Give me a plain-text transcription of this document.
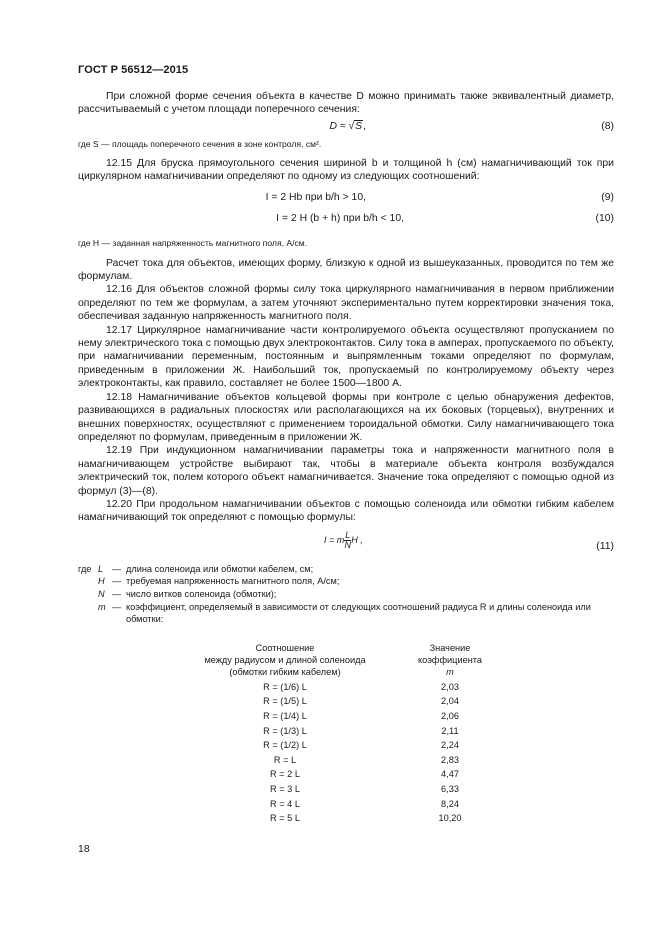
ГОСТ Р 56512—2015

При сложной форме сечения объекта в качестве D можно принимать также эквивалентный диаметр, рассчитываемый с учетом площади поперечного сечения:

D ≈ √S,	(8)

где S — площадь поперечного сечения в зоне контроля, см².

12.15 Для бруска прямоугольного сечения шириной b и толщиной h (см) намагничивающий ток при циркулярном намагничивании определяют по одному из следующих соотношений:

I = 2 Hb при b/h > 10,	(9)
I = 2 H (b + h) при b/h < 10,	(10)

где H — заданная напряженность магнитного поля, А/см.

Расчет тока для объектов, имеющих форму, близкую к одной из вышеуказанных, проводится по тем же формулам.

12.16 Для объектов сложной формы силу тока циркулярного намагничивания в первом приближении определяют по тем же формулам, а затем уточняют экспериментально путем корректировки значения тока, обеспечивая заданную напряженность магнитного поля.

12.17 Циркулярное намагничивание части контролируемого объекта осуществляют пропусканием по нему электрического тока с помощью двух электроконтактов. Силу тока в амперах, пропускаемого по объекту, при намагничивании переменным, постоянным и выпрямленным токами определяют по формулам, приведенным в приложении Ж. Наибольший ток, пропускаемый по контролируемому объекту через электроконтакты, как правило, составляет не более 1500—1800 А.

12.18 Намагничивание объектов кольцевой формы при контроле с целью обнаружения дефектов, развивающихся в радиальных плоскостях или располагающихся на их боковых (торцевых), внутренних и внешних поверхностях, осуществляют с применением тороидальной обмотки. Силу намагничивающего тока определяют по формулам, приведенным в приложении Ж.

12.19 При индукционном намагничивании параметры тока и напряженности магнитного поля в намагничивающем устройстве выбирают так, чтобы в материале объекта контроля возбуждался электрический ток, полем которого объект намагничивается. Значение тока определяют с помощью одной из формул (3)—(8).

12.20 При продольном намагничивании объектов с помощью соленоида или обмотки гибким кабелем намагничивающий ток определяют с помощью формулы:

I = m $\frac{L}{N}$ H ,
(11)
где L — длина соленоида или обмотки кабелем, см;
H — требуемая напряженность магнитного поля, А/см;
N — число витков соленоида (обмотки);
m — коэффициент, определяемый в зависимости от следующих соотношений радиуса R и длины соленоида или обмотки:
Соотношение
между радиусом и длиной соленоида
(обмотки гибким кабелем)
Значение
коэффициента
m
R = (1/6) L	2,03
R = (1/5) L	2,04
R = (1/4) L	2,06
R = (1/3) L	2,11
R = (1/2) L	2,24
R = L	2,83
R = 2 L	4,47
R = 3 L	6,33
R = 4 L	8,24
R = 5 L	10,20
18
